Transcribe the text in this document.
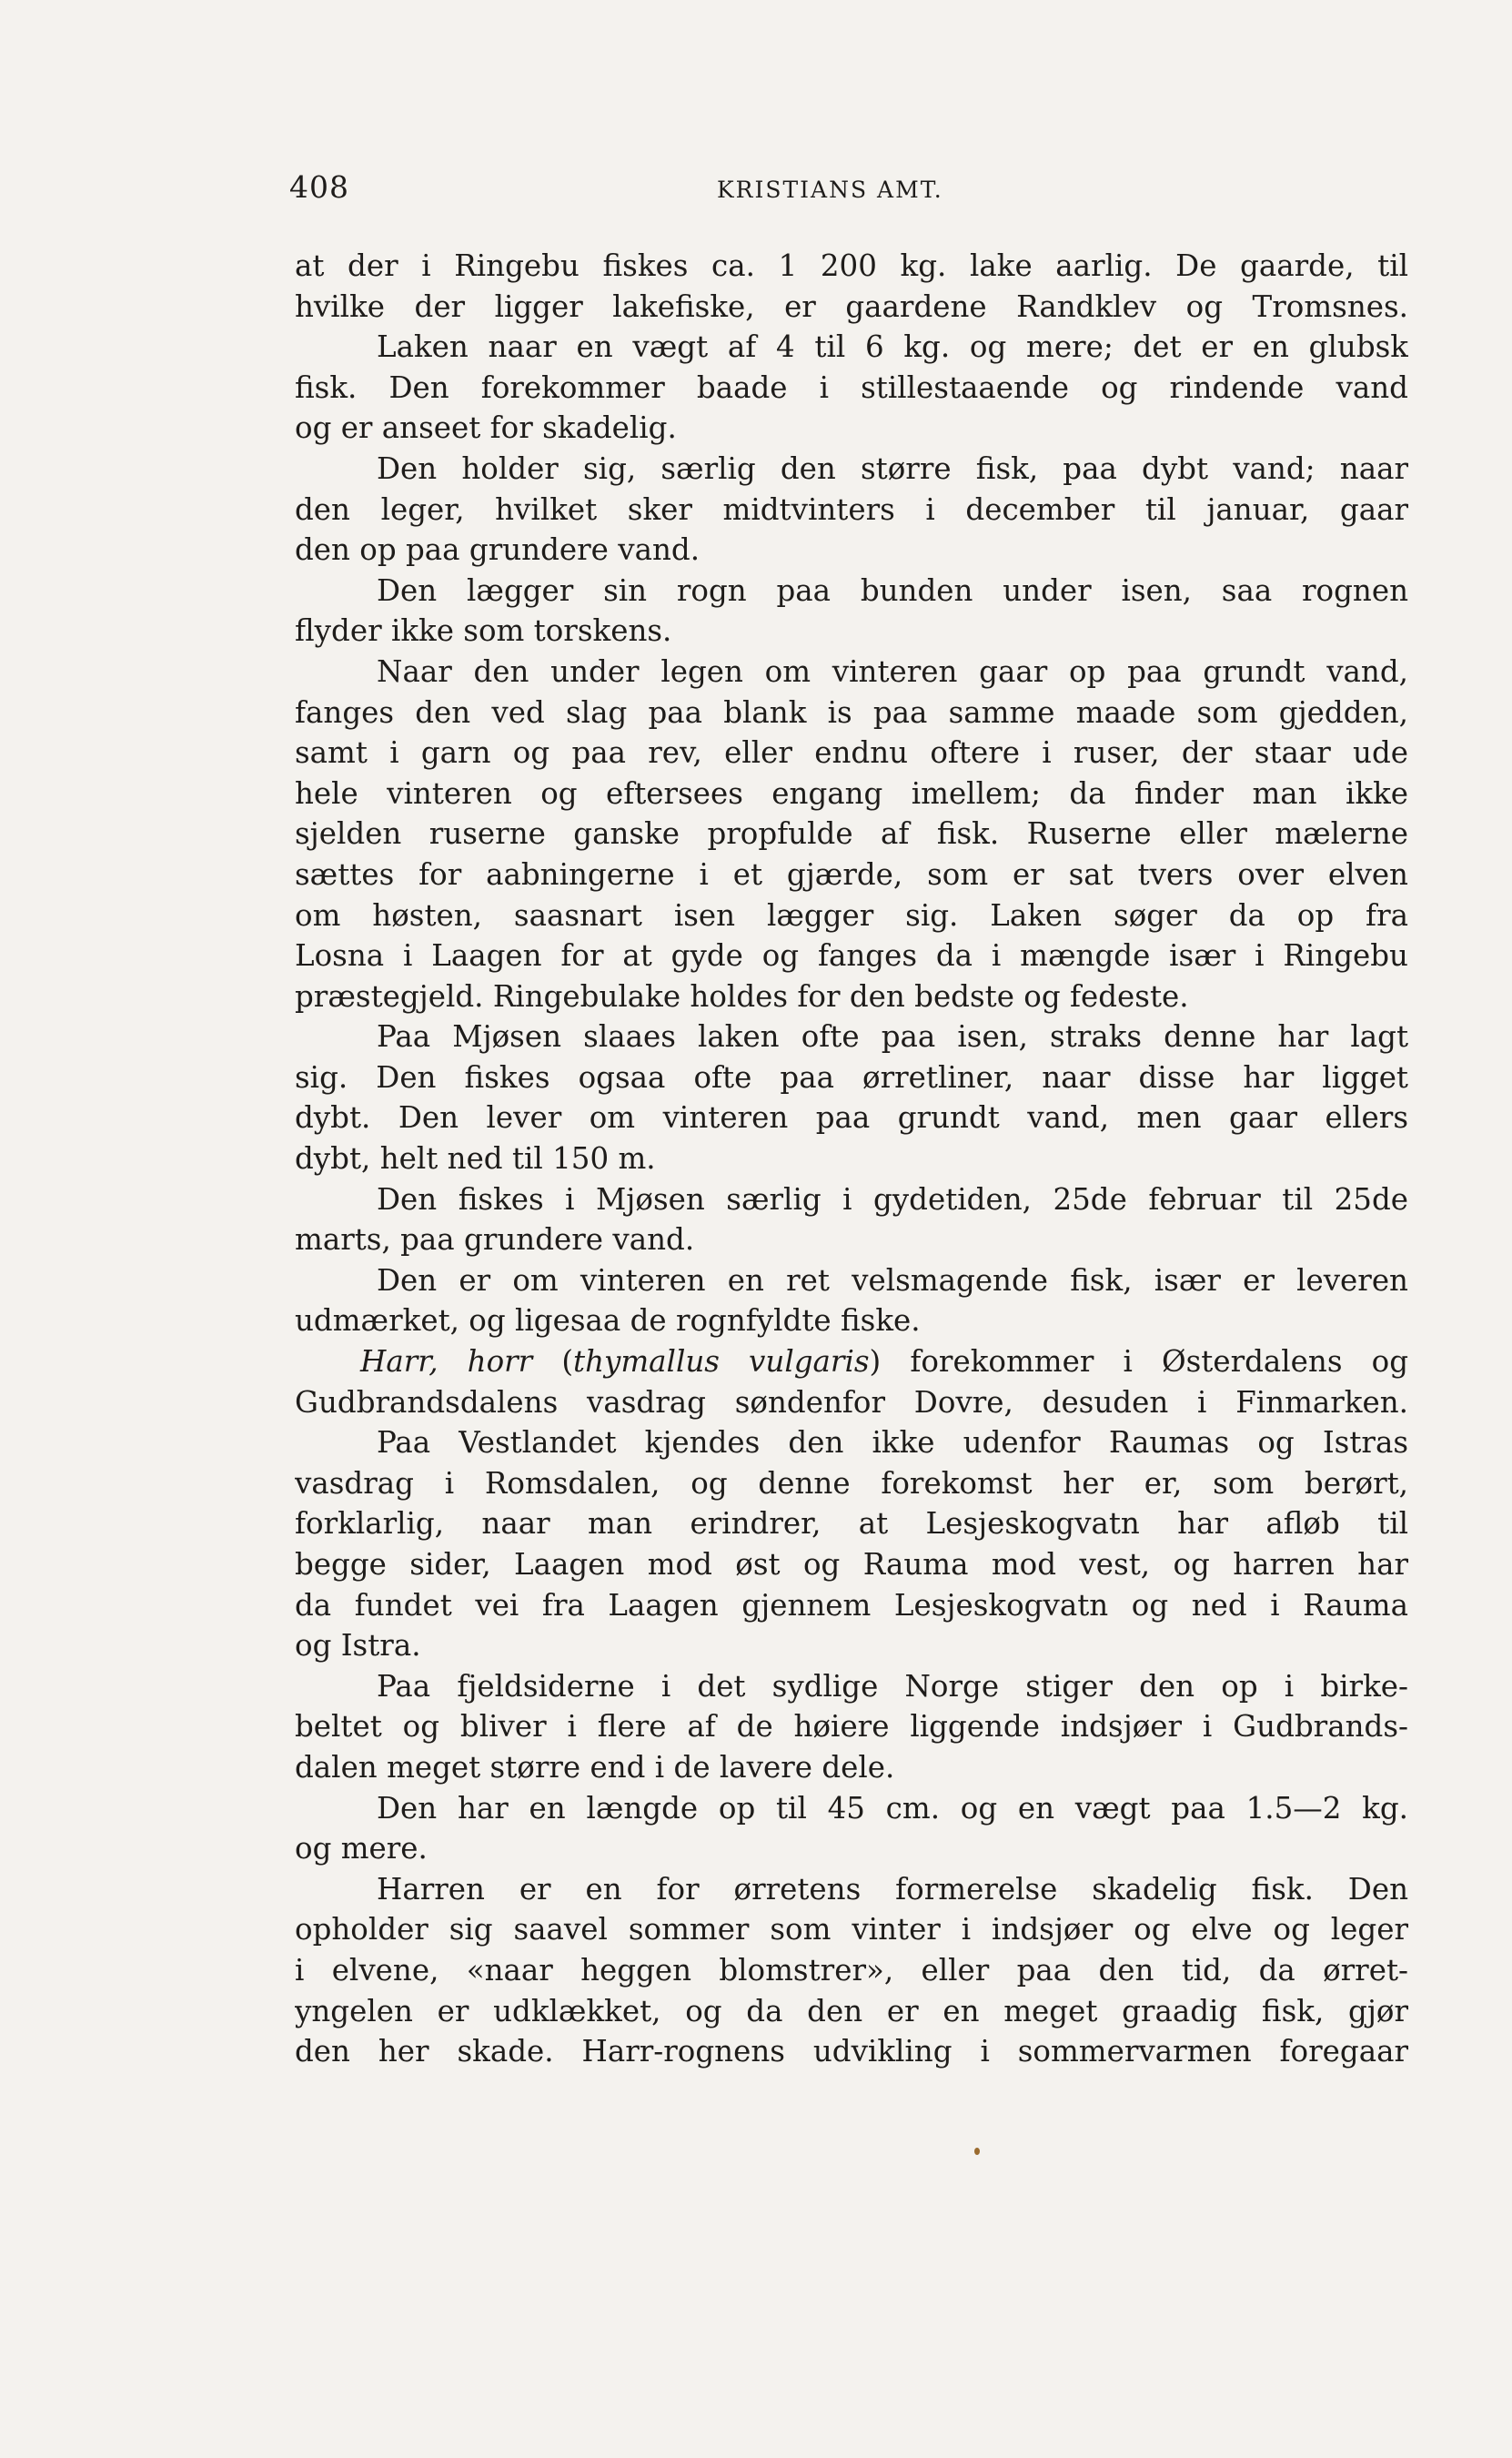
408	KRISTIANS AMT.
at der i Ringebu fiskes ca. 1 200 kg. lake aarlig. De gaarde, til
hvilke der ligger lakefiske, er gaardene Randklev og Tromsnes.
Laken naar en vægt af 4 til 6 kg. og mere; det er en glubsk
fisk. Den forekommer baade i stillestaaende og rindende vand
og er anseet for skadelig.
Den holder sig, særlig den større fisk, paa dybt vand; naar
den leger, hvilket sker midtvinters i december til januar, gaar
den op paa grundere vand.
Den lægger sin rogn paa bunden under isen, saa rognen
flyder ikke som torskens.
Naar den under legen om vinteren gaar op paa grundt vand,
fanges den ved slag paa blank is paa samme maade som gjedden,
samt i garn og paa rev, eller endnu oftere i ruser, der staar ude
hele vinteren og eftersees engang imellem; da finder man ikke
sjelden ruserne ganske propfulde af fisk. Ruserne eller mælerne
sættes for aabningerne i et gjærde, som er sat tvers over elven
om høsten, saasnart isen lægger sig. Laken søger da op fra
Losna i Laagen for at gyde og fanges da i mængde især i Ringebu
præstegjeld. Ringebulake holdes for den bedste og fedeste.
Paa Mjøsen slaaes laken ofte paa isen, straks denne har lagt
sig. Den fiskes ogsaa ofte paa ørretliner, naar disse har ligget
dybt. Den lever om vinteren paa grundt vand, men gaar ellers
dybt, helt ned til 150 m.
Den fiskes i Mjøsen særlig i gydetiden, 25de februar til 25de
marts, paa grundere vand.
Den er om vinteren en ret velsmagende fisk, især er leveren
udmærket, og ligesaa de rognfyldte fiske.
Harr, horr (thymallus vulgaris) forekommer i Østerdalens og
Gudbrandsdalens vasdrag søndenfor Dovre, desuden i Finmarken.
Paa Vestlandet kjendes den ikke udenfor Raumas og Istras
vasdrag i Romsdalen, og denne forekomst her er, som berørt,
forklarlig, naar man erindrer, at Lesjeskogvatn har afløb til
begge sider, Laagen mod øst og Rauma mod vest, og harren har
da fundet vei fra Laagen gjennem Lesjeskogvatn og ned i Rauma
og Istra.
Paa fjeldsiderne i det sydlige Norge stiger den op i birke-
beltet og bliver i flere af de høiere liggende indsjøer i Gudbrands-
dalen meget større end i de lavere dele.
Den har en længde op til 45 cm. og en vægt paa 1.5—2 kg.
og mere.
Harren er en for ørretens formerelse skadelig fisk. Den
opholder sig saavel sommer som vinter i indsjøer og elve og leger
i elvene, «naar heggen blomstrer», eller paa den tid, da ørret-
yngelen er udklækket, og da den er en meget graadig fisk, gjør
den her skade. Harr-rognens udvikling i sommervarmen foregaar
